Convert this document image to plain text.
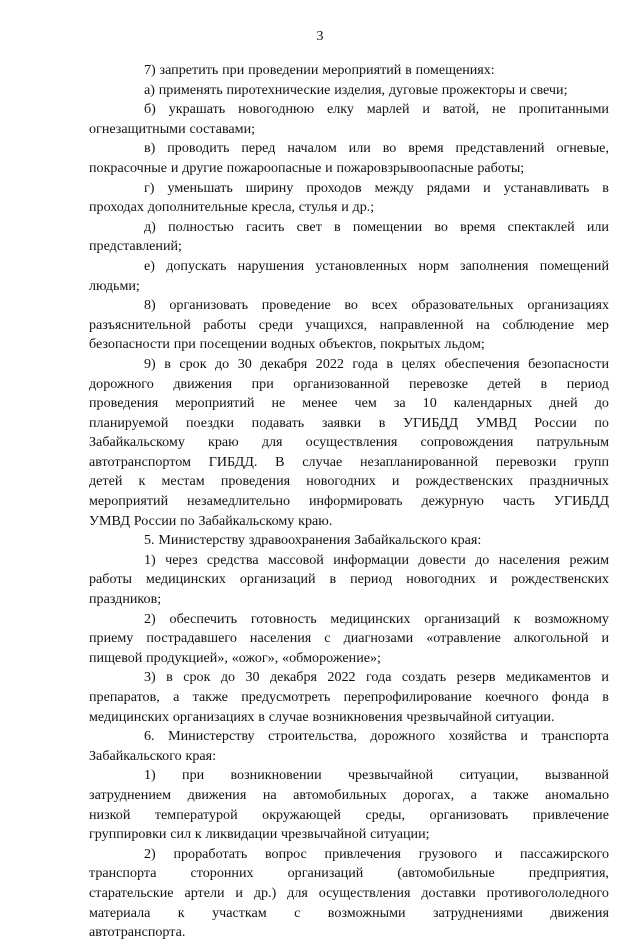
3
7) запретить при проведении мероприятий в помещениях:
а) применять пиротехнические изделия, дуговые прожекторы и свечи;
б) украшать новогоднюю елку марлей и ватой, не пропитанными
огнезащитными составами;
в) проводить перед началом или во время представлений огневые,
покрасочные и другие пожароопасные и пожаровзрывоопасные работы;
г) уменьшать ширину проходов между рядами и устанавливать в
проходах дополнительные кресла, стулья и др.;
д) полностью гасить свет в помещении во время спектаклей или
представлений;
е) допускать нарушения установленных норм заполнения помещений
людьми;
8) организовать проведение во всех образовательных организациях
разъяснительной работы среди учащихся, направленной на соблюдение мер
безопасности при посещении водных объектов, покрытых льдом;
9) в срок до 30 декабря 2022 года в целях обеспечения безопасности
дорожного движения при организованной перевозке детей в период
проведения мероприятий не менее чем за 10 календарных дней до
планируемой поездки подавать заявки в УГИБДД УМВД России по
Забайкальскому краю для осуществления сопровождения патрульным
автотранспортом ГИБДД. В случае незапланированной перевозки групп
детей к местам проведения новогодних и рождественских праздничных
мероприятий незамедлительно информировать дежурную часть УГИБДД
УМВД России по Забайкальскому краю.
5. Министерству здравоохранения Забайкальского края:
1) через средства массовой информации довести до населения режим
работы медицинских организаций в период новогодних и рождественских
праздников;
2) обеспечить готовность медицинских организаций к возможному
приему пострадавшего населения с диагнозами «отравление алкогольной и
пищевой продукцией», «ожог», «обморожение»;
3) в срок до 30 декабря 2022 года создать резерв медикаментов и
препаратов, а также предусмотреть перепрофилирование коечного фонда в
медицинских организациях в случае возникновения чрезвычайной ситуации.
6. Министерству строительства, дорожного хозяйства и транспорта
Забайкальского края:
1) при возникновении чрезвычайной ситуации, вызванной
затруднением движения на автомобильных дорогах, а также аномально
низкой температурой окружающей среды, организовать привлечение
группировки сил к ликвидации чрезвычайной ситуации;
2) проработать вопрос привлечения грузового и пассажирского
транспорта сторонних организаций (автомобильные предприятия,
старательские артели и др.) для осуществления доставки противогололедного
материала к участкам с возможными затруднениями движения
автотранспорта.
